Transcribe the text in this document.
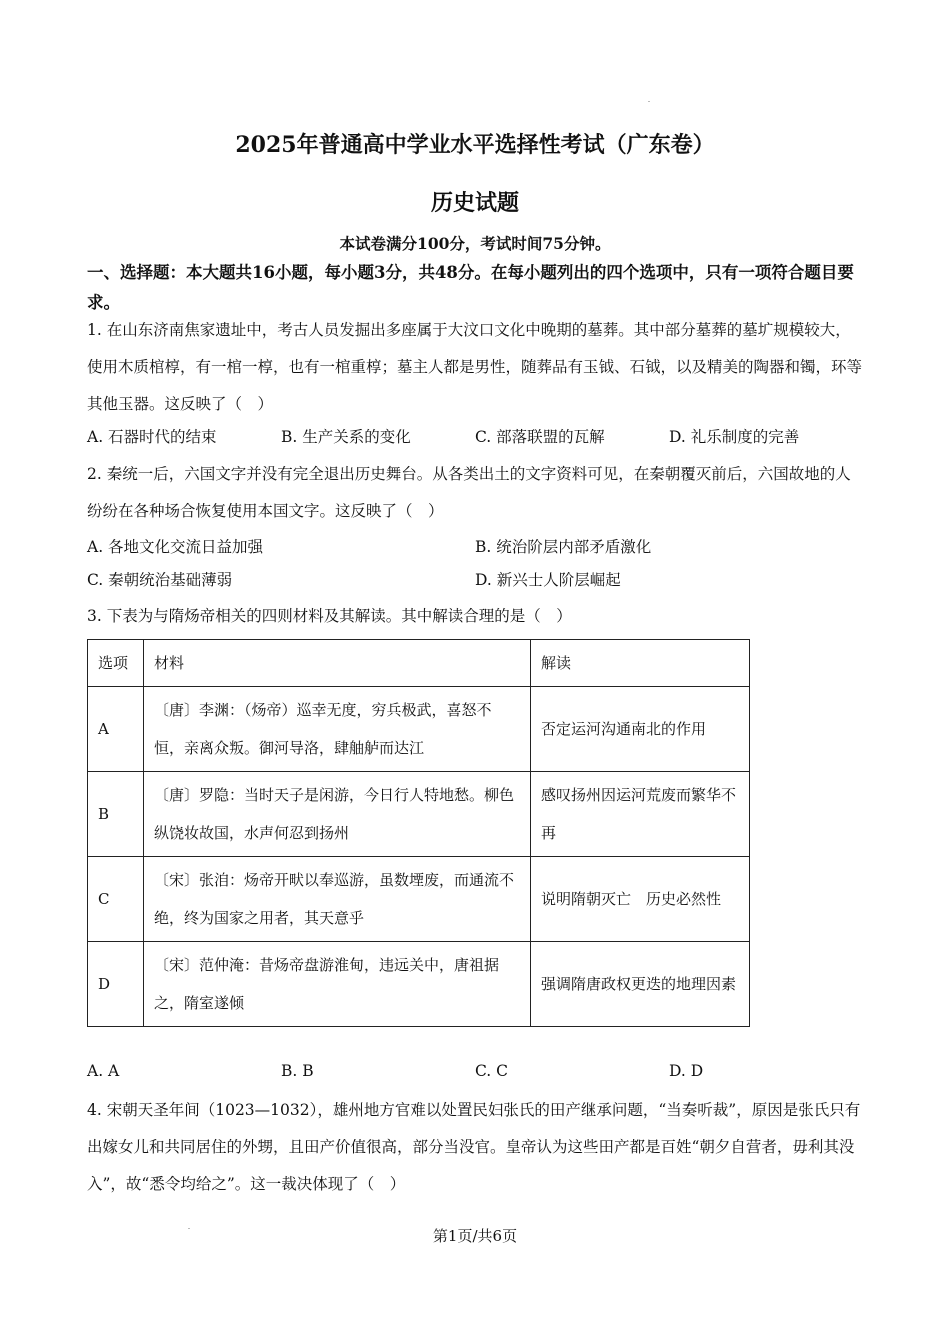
2025年普通高中学业水平选择性考试（广东卷）
历史试题
本试卷满分100分，考试时间75分钟。
一、选择题：本大题共16小题，每小题3分，共48分。在每小题列出的四个选项中，只有一项符合题目要求。
1. 在山东济南焦家遗址中，考古人员发掘出多座属于大汶口文化中晚期的墓葬。其中部分墓葬的墓圹规模较大，使用木质棺椁，有一棺一椁，也有一棺重椁；墓主人都是男性，随葬品有玉钺、石钺，以及精美的陶器和镯，环等其他玉器。这反映了（　）
A. 石器时代的结束	B. 生产关系的变化	C. 部落联盟的瓦解	D. 礼乐制度的完善
2. 秦统一后，六国文字并没有完全退出历史舞台。从各类出土的文字资料可见，在秦朝覆灭前后，六国故地的人纷纷在各种场合恢复使用本国文字。这反映了（　）
A. 各地文化交流日益加强	B. 统治阶层内部矛盾激化
C. 秦朝统治基础薄弱	D. 新兴士人阶层崛起
3. 下表为与隋炀帝相关的四则材料及其解读。其中解读合理的是（　）
选项	材料	解读
A	〔唐〕李渊：（炀帝）巡幸无度，穷兵极武，喜怒不恒，亲离众叛。御河导洛，肆舳舻而达江	否定运河沟通南北的作用
B	〔唐〕罗隐：当时天子是闲游，今日行人特地愁。柳色纵饶妆故国，水声何忍到扬州	感叹扬州因运河荒废而繁华不再
C	〔宋〕张洎：炀帝开畎以奉巡游，虽数堙废，而通流不绝，终为国家之用者，其天意乎	说明隋朝灭亡　历史必然性
D	〔宋〕范仲淹：昔炀帝盘游淮甸，违远关中，唐祖据之，隋室遂倾	强调隋唐政权更迭的地理因素
A. A	B. B	C. C	D. D
4. 宋朝天圣年间（1023—1032），雄州地方官难以处置民妇张氏的田产继承问题，“当奏听裁”，原因是张氏只有出嫁女儿和共同居住的外甥，且田产价值很高，部分当没官。皇帝认为这些田产都是百姓“朝夕自营者，毋利其没入”，故“悉令均给之”。这一裁决体现了（　）
第1页/共6页
